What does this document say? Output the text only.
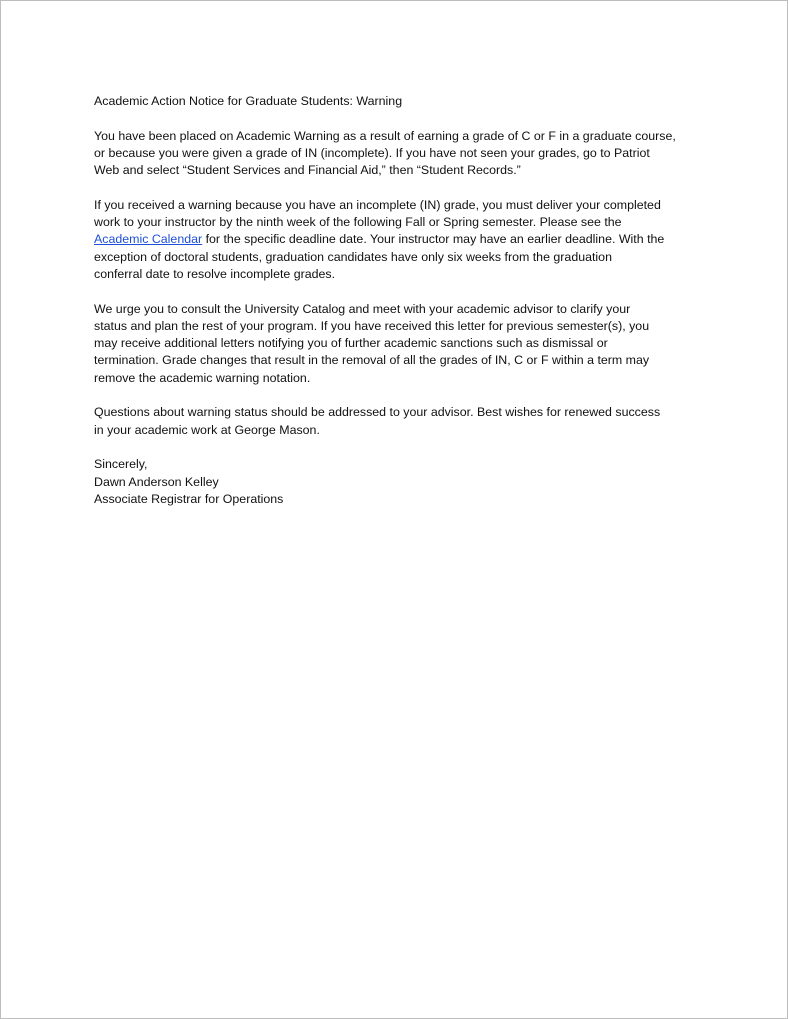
Academic Action Notice for Graduate Students: Warning

You have been placed on Academic Warning as a result of earning a grade of C or F in a graduate course,
or because you were given a grade of IN (incomplete). If you have not seen your grades, go to Patriot
Web and select “Student Services and Financial Aid,” then “Student Records.”

If you received a warning because you have an incomplete (IN) grade, you must deliver your completed
work to your instructor by the ninth week of the following Fall or Spring semester. Please see the
Academic Calendar for the specific deadline date. Your instructor may have an earlier deadline. With the
exception of doctoral students, graduation candidates have only six weeks from the graduation
conferral date to resolve incomplete grades.

We urge you to consult the University Catalog and meet with your academic advisor to clarify your
status and plan the rest of your program. If you have received this letter for previous semester(s), you
may receive additional letters notifying you of further academic sanctions such as dismissal or
termination. Grade changes that result in the removal of all the grades of IN, C or F within a term may
remove the academic warning notation.

Questions about warning status should be addressed to your advisor. Best wishes for renewed success
in your academic work at George Mason.

Sincerely,
Dawn Anderson Kelley
Associate Registrar for Operations
